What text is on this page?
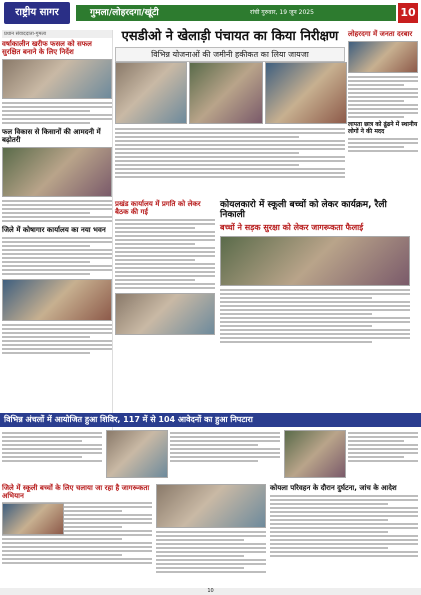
राष्ट्रीय सागर	गुमला/लोहरदगा/खूंटी	रांची गुरुवार, 19 जून 2025	10
एसडीओ ने खेलाड़ी पंचायत का किया निरीक्षण
विभिन्न योजनाओं की जमीनी हकीकत का लिया जायजा
प्रधान संवाददाता-गुमला
वर्षाकालीन खरीफ फसल को सफल सुरक्षित बनाने के लिए निर्देश
फल विकास से किसानों की आमदनी में बढ़ोतरी
जिले में कोषागार कार्यालय का नया भवन
प्रखंड कार्यालय में प्रगति को लेकर बैठक की गई
कोयलकारो में स्कूली बच्चों को लेकर कार्यक्रम, रैली निकाली
बच्चों ने सड़क सुरक्षा को लेकर जागरूकता फैलाई
लोहरदगा में जनता दरबार
लापता छात्र को ढूंढने में स्थानीय लोगों ने की मदद
विभिन्न अंचलों में आयोजित हुआ शिविर, 117 में से 104 आवेदनों का हुआ निपटारा
जिले में स्कूली बच्चों के लिए चलाया जा रहा है जागरूकता अभियान
कोयला परिवहन के दौरान दुर्घटना, जांच के आदेश
10
